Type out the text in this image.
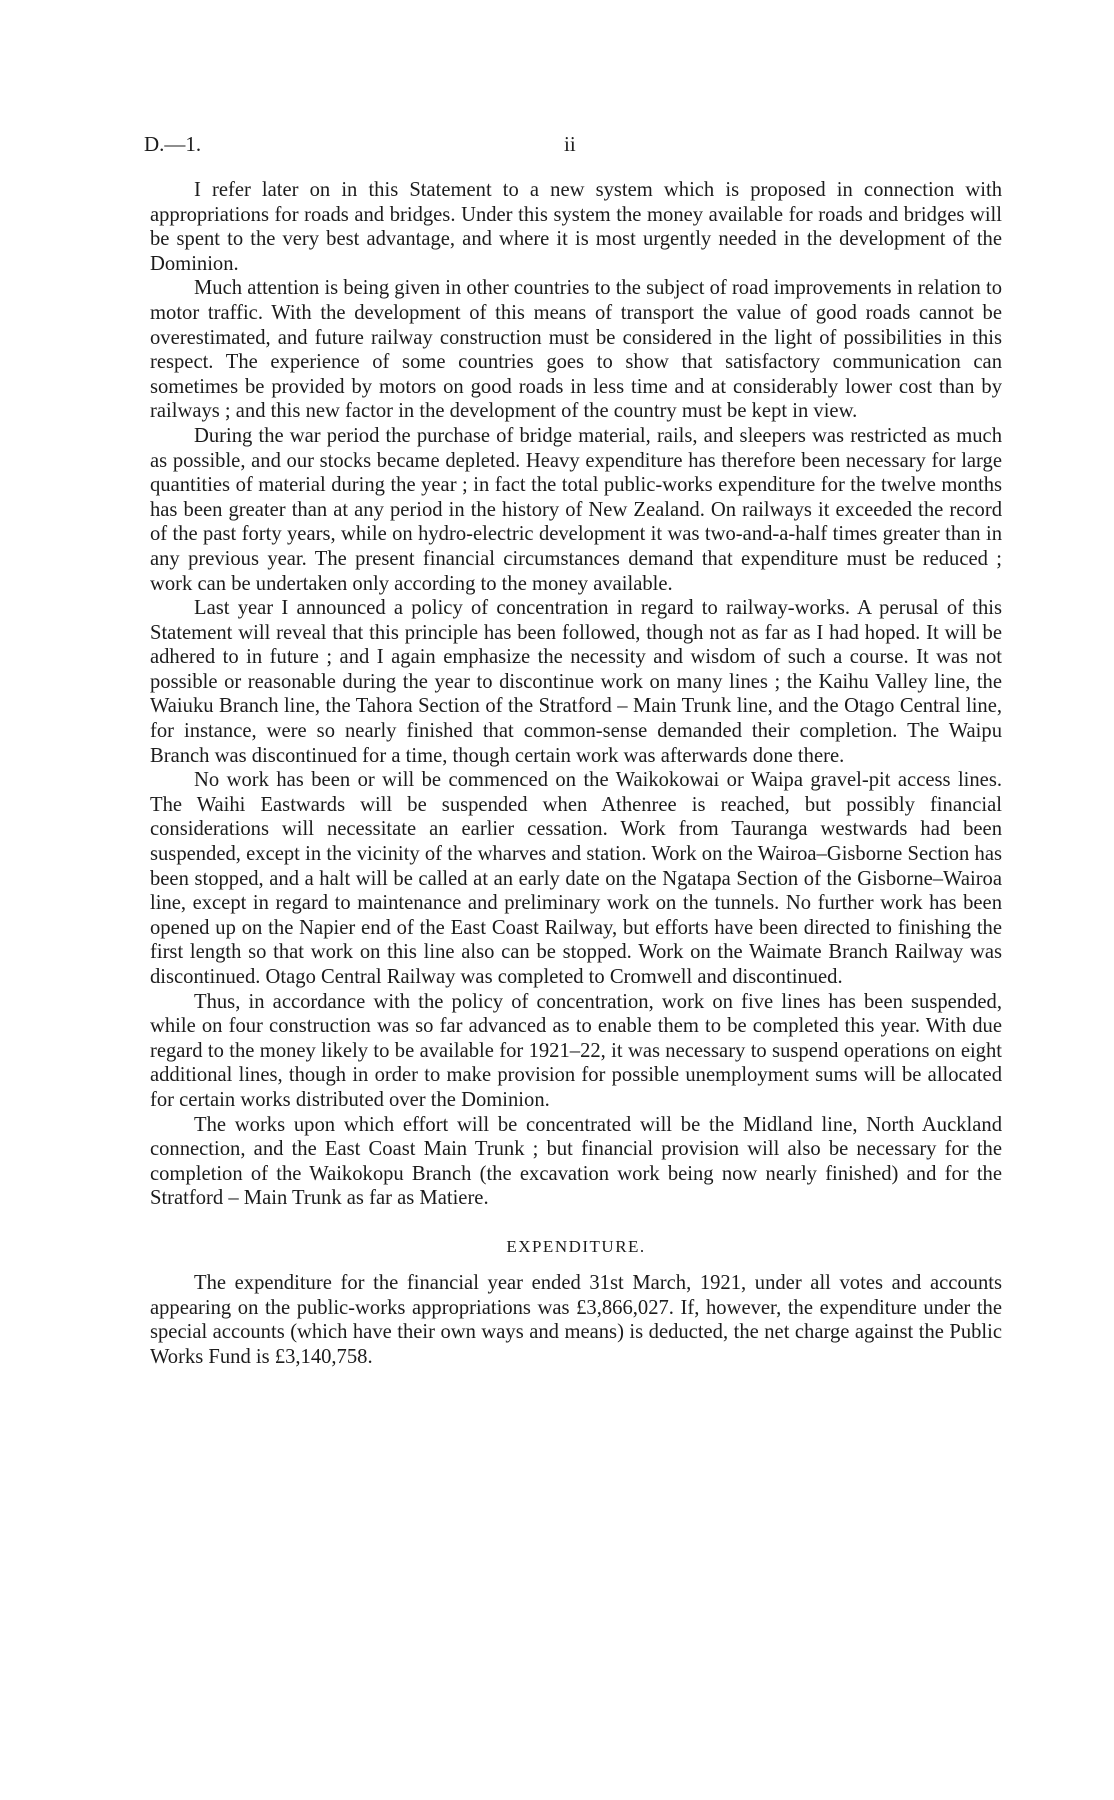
D.—1.	ii

I refer later on in this Statement to a new system which is proposed in connection with appropriations for roads and bridges. Under this system the money available for roads and bridges will be spent to the very best advantage, and where it is most urgently needed in the development of the Dominion.

Much attention is being given in other countries to the subject of road improvements in relation to motor traffic. With the development of this means of transport the value of good roads cannot be overestimated, and future railway construction must be considered in the light of possibilities in this respect. The experience of some countries goes to show that satisfactory communication can sometimes be provided by motors on good roads in less time and at considerably lower cost than by railways ; and this new factor in the development of the country must be kept in view.

During the war period the purchase of bridge material, rails, and sleepers was restricted as much as possible, and our stocks became depleted. Heavy expenditure has therefore been necessary for large quantities of material during the year ; in fact the total public-works expenditure for the twelve months has been greater than at any period in the history of New Zealand. On railways it exceeded the record of the past forty years, while on hydro-electric development it was two-and-a-half times greater than in any previous year. The present financial circumstances demand that expenditure must be reduced ; work can be undertaken only according to the money available.

Last year I announced a policy of concentration in regard to railway-works. A perusal of this Statement will reveal that this principle has been followed, though not as far as I had hoped. It will be adhered to in future ; and I again emphasize the necessity and wisdom of such a course. It was not possible or reasonable during the year to discontinue work on many lines ; the Kaihu Valley line, the Waiuku Branch line, the Tahora Section of the Stratford – Main Trunk line, and the Otago Central line, for instance, were so nearly finished that common-sense demanded their completion. The Waipu Branch was discontinued for a time, though certain work was afterwards done there.

No work has been or will be commenced on the Waikokowai or Waipa gravel-pit access lines. The Waihi Eastwards will be suspended when Athenree is reached, but possibly financial considerations will necessitate an earlier cessation. Work from Tauranga westwards had been suspended, except in the vicinity of the wharves and station. Work on the Wairoa–Gisborne Section has been stopped, and a halt will be called at an early date on the Ngatapa Section of the Gisborne–Wairoa line, except in regard to maintenance and preliminary work on the tunnels. No further work has been opened up on the Napier end of the East Coast Railway, but efforts have been directed to finishing the first length so that work on this line also can be stopped. Work on the Waimate Branch Railway was discontinued. Otago Central Railway was completed to Cromwell and discontinued.

Thus, in accordance with the policy of concentration, work on five lines has been suspended, while on four construction was so far advanced as to enable them to be completed this year. With due regard to the money likely to be available for 1921–22, it was necessary to suspend operations on eight additional lines, though in order to make provision for possible unemployment sums will be allocated for certain works distributed over the Dominion.

The works upon which effort will be concentrated will be the Midland line, North Auckland connection, and the East Coast Main Trunk ; but financial provision will also be necessary for the completion of the Waikokopu Branch (the excavation work being now nearly finished) and for the Stratford – Main Trunk as far as Matiere.

EXPENDITURE.

The expenditure for the financial year ended 31st March, 1921, under all votes and accounts appearing on the public-works appropriations was £3,866,027. If, however, the expenditure under the special accounts (which have their own ways and means) is deducted, the net charge against the Public Works Fund is £3,140,758.
